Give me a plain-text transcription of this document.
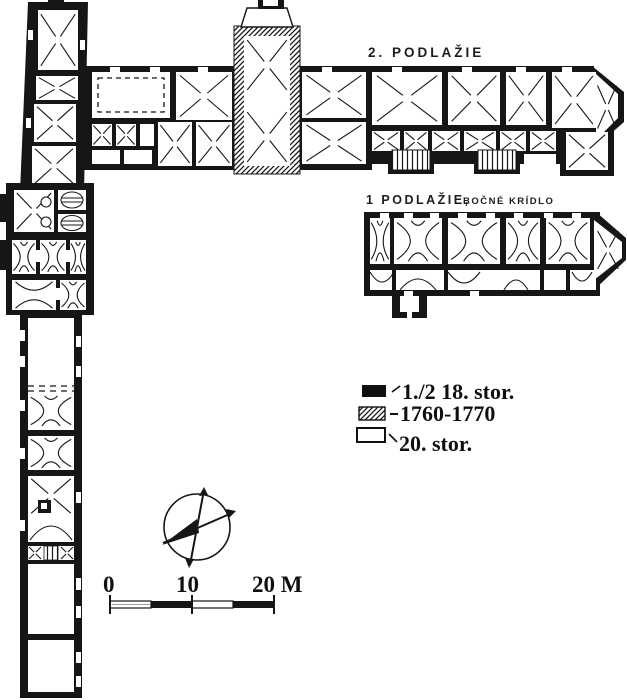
2. PODLAŽIE
1 PODLAŽIE,
BOČNÉ KRÍDLO
1./2 18. stor.
1760-1770
20. stor.
0	10 20 M
